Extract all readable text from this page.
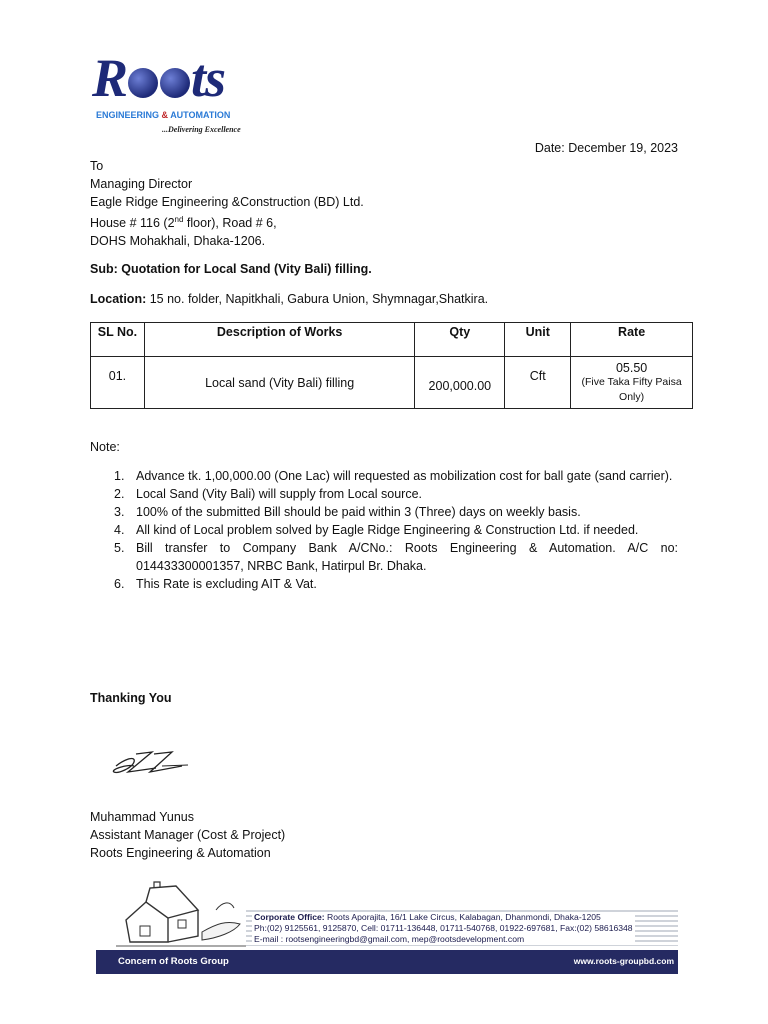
R ts
ENGINEERING & AUTOMATION
...Delivering Excellence
Date: December 19, 2023
To
Managing Director
Eagle Ridge Engineering &Construction (BD) Ltd.
House # 116 (2nd floor), Road # 6,
DOHS Mohakhali, Dhaka-1206.
Sub: Quotation for Local Sand (Vity Bali) filling.
Location: 15 no. folder, Napitkhali, Gabura Union, Shymnagar,Shatkira.
SL No.	Description of Works	Qty	Unit	Rate
01.	Local sand (Vity Bali) filling	200,000.00	Cft	05.50
(Five Taka Fifty Paisa Only)
Note:
1. Advance tk. 1,00,000.00 (One Lac) will requested as mobilization cost for ball gate (sand carrier).
2. Local Sand (Vity Bali) will supply from Local source.
3. 100% of the submitted Bill should be paid within 3 (Three) days on weekly basis.
4. All kind of Local problem solved by Eagle Ridge Engineering & Construction Ltd. if needed.
5. Bill transfer to Company Bank A/CNo.: Roots Engineering & Automation. A/C no:
014433300001357, NRBC Bank, Hatirpul Br. Dhaka.
6. This Rate is excluding AIT & Vat.
Thanking You
Muhammad Yunus
Assistant Manager (Cost & Project)
Roots Engineering & Automation
Corporate Office: Roots Aporajita, 16/1 Lake Circus, Kalabagan, Dhanmondi, Dhaka-1205
Ph:(02) 9125561, 9125870, Cell: 01711-136448, 01711-540768, 01922-697681, Fax:(02) 58616348
E-mail : rootsengineeringbd@gmail.com, mep@rootsdevelopment.com
Concern of Roots Group	www.roots-groupbd.com
